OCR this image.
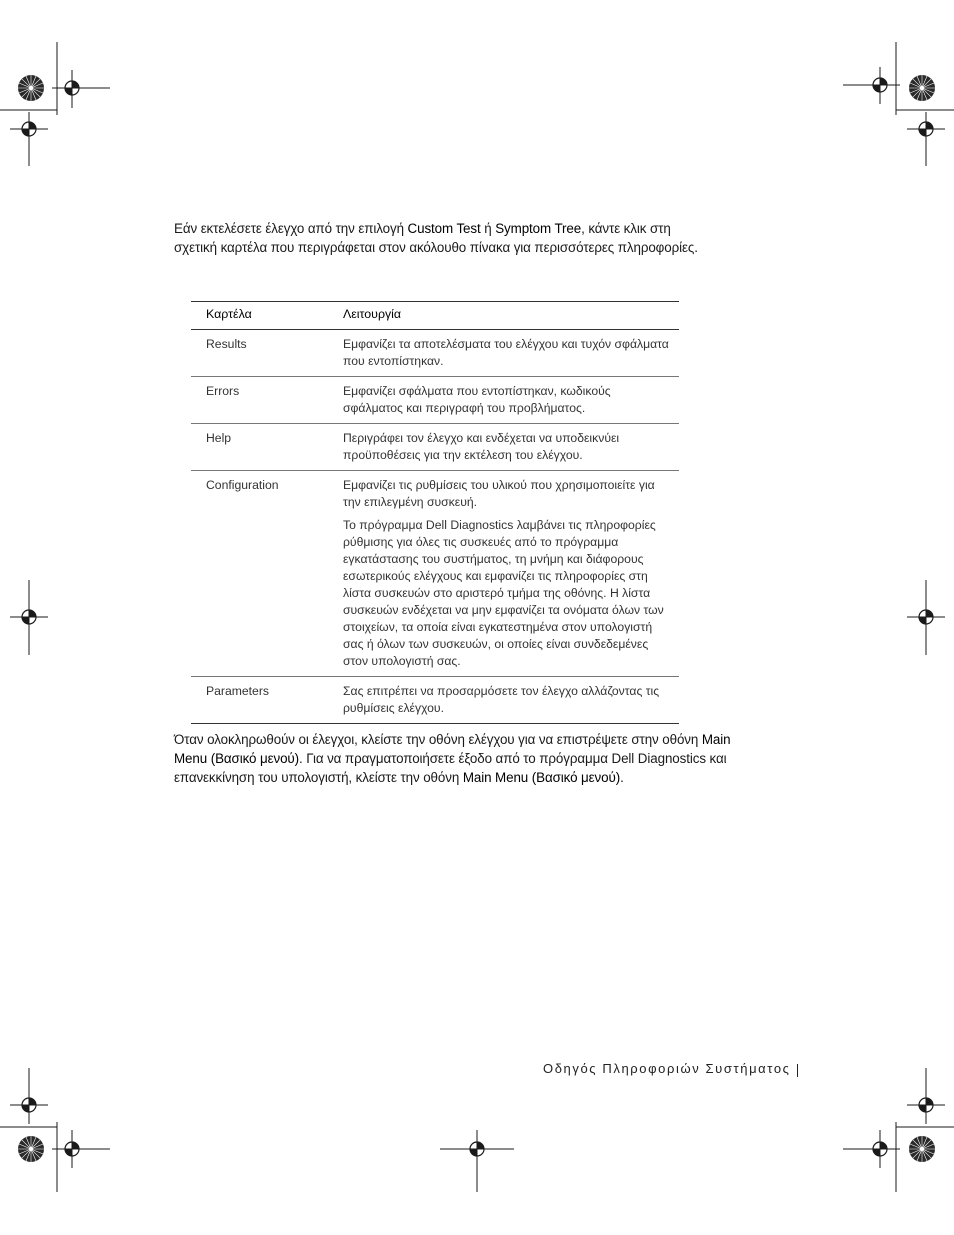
Εάν εκτελέσετε έλεγχο από την επιλογή Custom Test ή Symptom Tree, κάντε κλικ στη σχετική καρτέλα που περιγράφεται στον ακόλουθο πίνακα για περισσότερες πληροφορίες.
Καρτέλα	Λειτουργία
Results	Εμφανίζει τα αποτελέσματα του ελέγχου και τυχόν σφάλματα που εντοπίστηκαν.

Errors	Εμφανίζει σφάλματα που εντοπίστηκαν, κωδικούς σφάλματος και περιγραφή του προβλήματος.

Help	Περιγράφει τον έλεγχο και ενδέχεται να υποδεικνύει προϋποθέσεις για την εκτέλεση του ελέγχου.

Configuration	Εμφανίζει τις ρυθμίσεις του υλικού που χρησιμοποιείτε για την επιλεγμένη συσκευή.

Το πρόγραμμα Dell Diagnostics λαμβάνει τις πληροφορίες ρύθμισης για όλες τις συσκευές από το πρόγραμμα εγκατάστασης του συστήματος, τη μνήμη και διάφορους εσωτερικούς ελέγχους και εμφανίζει τις πληροφορίες στη λίστα συσκευών στο αριστερό τμήμα της οθόνης. Η λίστα συσκευών ενδέχεται να μην εμφανίζει τα ονόματα όλων των στοιχείων, τα οποία είναι εγκατεστημένα στον υπολογιστή σας ή όλων των συσκευών, οι οποίες είναι συνδεδεμένες στον υπολογιστή σας.

Parameters	Σας επιτρέπει να προσαρμόσετε τον έλεγχο αλλάζοντας τις ρυθμίσεις ελέγχου.

Όταν ολοκληρωθούν οι έλεγχοι, κλείστε την οθόνη ελέγχου για να επιστρέψετε στην οθόνη Main Menu (Βασικό μενού). Για να πραγματοποιήσετε έξοδο από το πρόγραμμα Dell Diagnostics και επανεκκίνηση του υπολογιστή, κλείστε την οθόνη Main Menu (Βασικό μενού).
Οδηγός Πληροφοριών Συστήματος
